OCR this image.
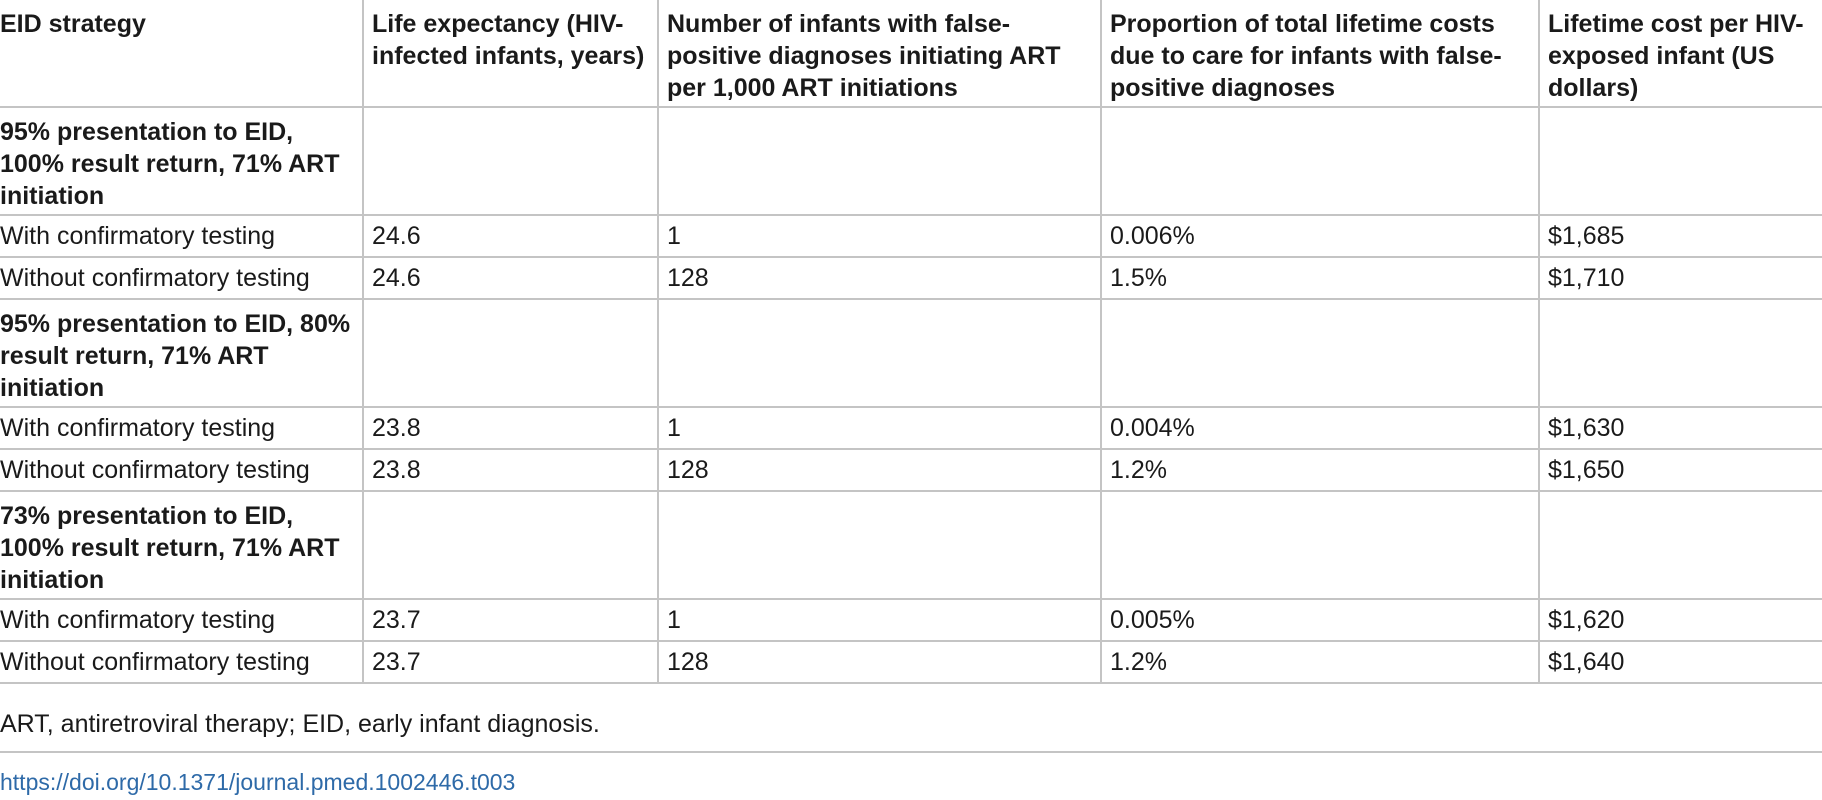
EID strategy	Life expectancy (HIV-infected infants, years)	Number of infants with false-positive diagnoses initiating ART per 1,000 ART initiations	Proportion of total lifetime costs due to care for infants with false-positive diagnoses	Lifetime cost per HIV-exposed infant (US dollars)
95% presentation to EID, 100% result return, 71% ART initiation				
With confirmatory testing	24.6	1	0.006%	$1,685
Without confirmatory testing	24.6	128	1.5%	$1,710
95% presentation to EID, 80% result return, 71% ART initiation				
With confirmatory testing	23.8	1	0.004%	$1,630
Without confirmatory testing	23.8	128	1.2%	$1,650
73% presentation to EID, 100% result return, 71% ART initiation				
With confirmatory testing	23.7	1	0.005%	$1,620
Without confirmatory testing	23.7	128	1.2%	$1,640
ART, antiretroviral therapy; EID, early infant diagnosis.
https://doi.org/10.1371/journal.pmed.1002446.t003
